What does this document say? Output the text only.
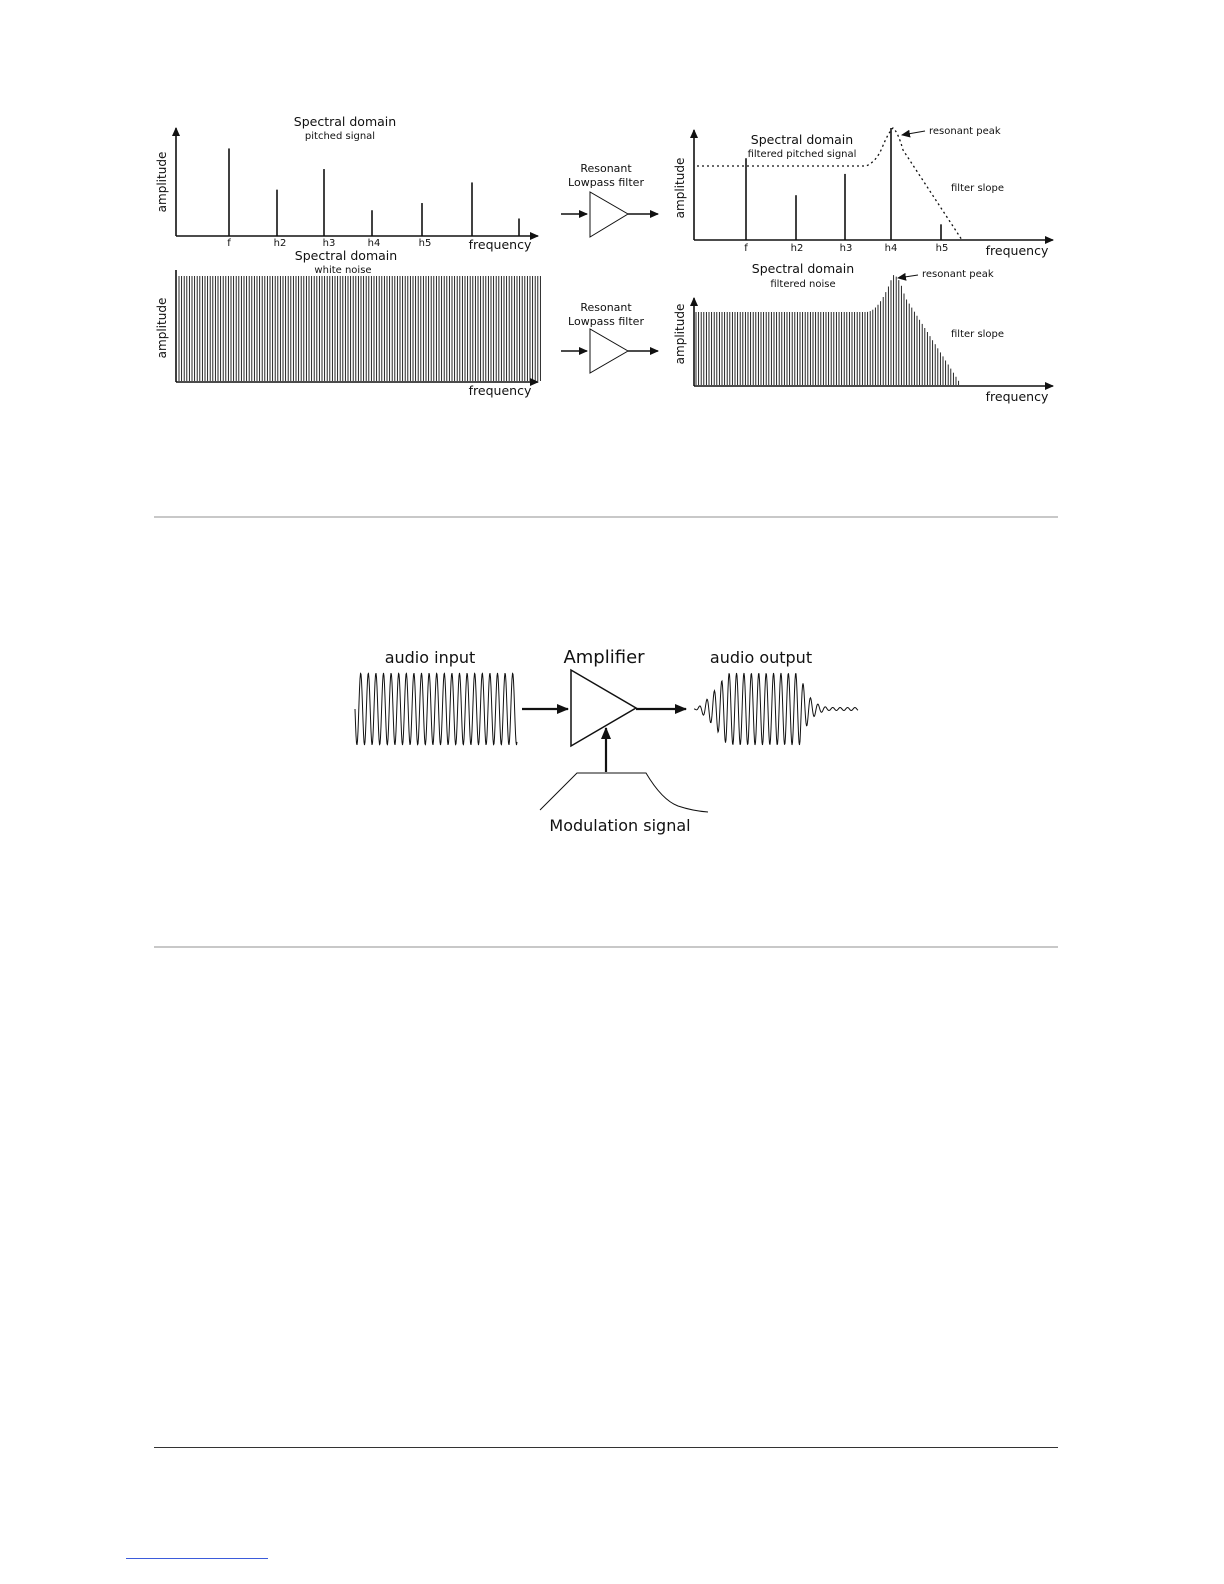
Spectral domain
pitched signal
amplitude
frequency
f	h2	h3	h4	h5
Spectral domain
white noise
amplitude
frequency
Resonant
Lowpass filter
Resonant
Lowpass filter
Spectral domain
filtered pitched signal
amplitude
frequency
f	h2	h3	h4	h5
resonant peak
filter slope
Spectral domain
filtered noise
amplitude
frequency
resonant peak
filter slope
audio input	Amplifier	audio output
Modulation signal
